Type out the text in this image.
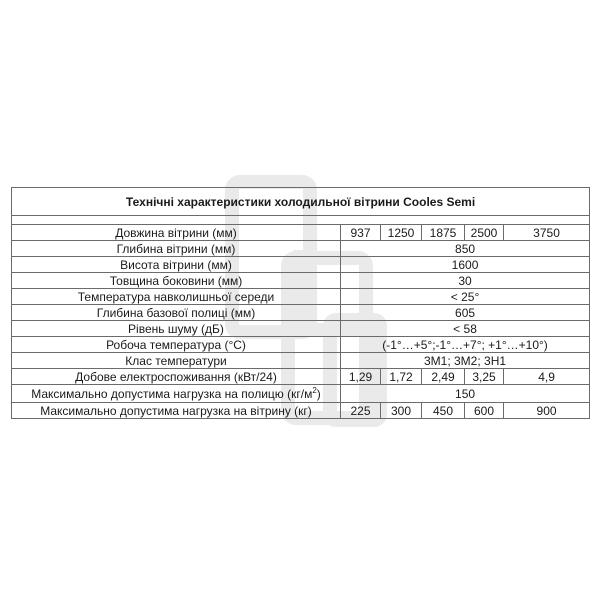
Технічні характеристики холодильної вітрини Cooles Semi					

Довжина вітрини (мм)	937	1250	1875	2500	3750
Глибина вітрини (мм)	850				
Висота вітрини (мм)	1600				
Товщина боковини (мм)	30				
Температура навколишньої середи	< 25°				
Глибина базової полиці (мм)	605				
Рівень шуму (дБ)	< 58				
Робоча температура (°С)	(-1°…+5°;-1°…+7°; +1°…+10°)				
Клас температури	3М1; 3М2; 3Н1				
Добове електроспоживання (кВт/24)	1,29	1,72	2,49	3,25	4,9
Максимально допустима нагрузка на полицю $(кг/м^2)$	150				
Максимально допустима нагрузка на вітрину (кг)	225	300	450	600	900
